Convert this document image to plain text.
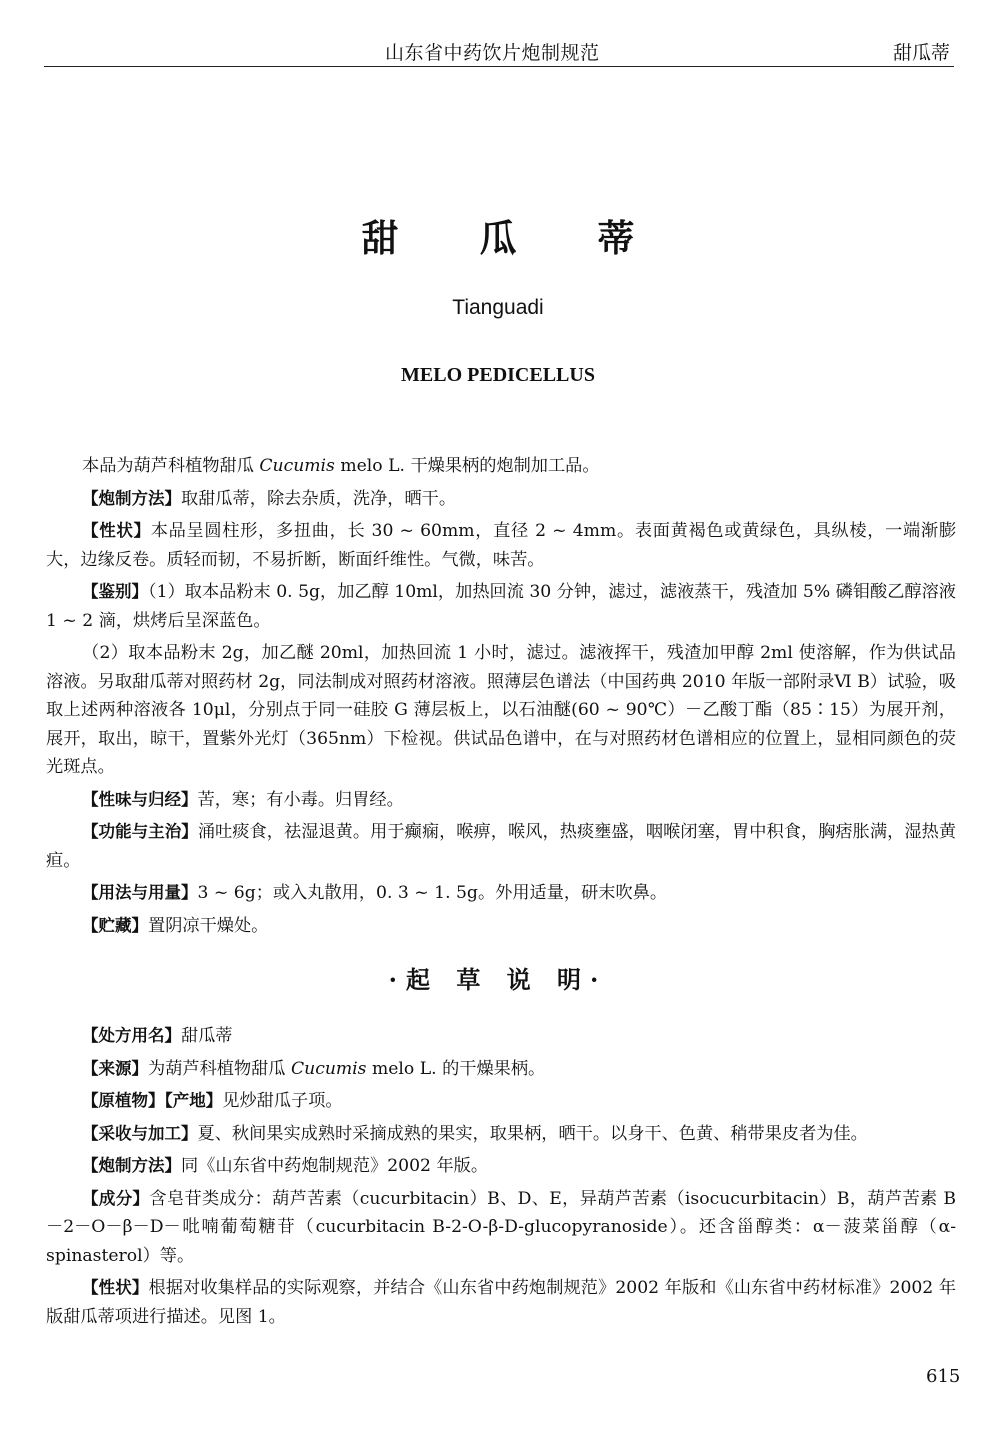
山东省中药饮片炮制规范	甜瓜蒂
甜　瓜　蒂
Tianguadi
MELO PEDICELLUS

本品为葫芦科植物甜瓜 Cucumis melo L. 干燥果柄的炮制加工品。

【炮制方法】取甜瓜蒂，除去杂质，洗净，晒干。

【性状】本品呈圆柱形，多扭曲，长 30 ~ 60mm，直径 2 ~ 4mm。表面黄褐色或黄绿色，具纵棱，一端渐膨大，边缘反卷。质轻而韧，不易折断，断面纤维性。气微，味苦。

【鉴别】（1）取本品粉末 0. 5g，加乙醇 10ml，加热回流 30 分钟，滤过，滤液蒸干，残渣加 5% 磷钼酸乙醇溶液 1 ~ 2 滴，烘烤后呈深蓝色。

（2）取本品粉末 2g，加乙醚 20ml，加热回流 1 小时，滤过。滤液挥干，残渣加甲醇 2ml 使溶解，作为供试品溶液。另取甜瓜蒂对照药材 2g，同法制成对照药材溶液。照薄层色谱法（中国药典 2010 年版一部附录Ⅵ B）试验，吸取上述两种溶液各 10μl，分别点于同一硅胶 G 薄层板上，以石油醚(60 ~ 90℃）－乙酸丁酯（85∶15）为展开剂，展开，取出，晾干，置紫外光灯（365nm）下检视。供试品色谱中，在与对照药材色谱相应的位置上，显相同颜色的荧光斑点。

【性味与归经】苦，寒；有小毒。归胃经。

【功能与主治】涌吐痰食，祛湿退黄。用于癫痫，喉痹，喉风，热痰壅盛，咽喉闭塞，胃中积食，胸痞胀满，湿热黄疸。

【用法与用量】3 ~ 6g；或入丸散用，0. 3 ~ 1. 5g。外用适量，研末吹鼻。

【贮藏】置阴凉干燥处。

·起 草 说 明·

【处方用名】甜瓜蒂

【来源】为葫芦科植物甜瓜 Cucumis melo L. 的干燥果柄。

【原植物】【产地】见炒甜瓜子项。

【采收与加工】夏、秋间果实成熟时采摘成熟的果实，取果柄，晒干。以身干、色黄、稍带果皮者为佳。

【炮制方法】同《山东省中药炮制规范》2002 年版。

【成分】含皂苷类成分：葫芦苦素（cucurbitacin）B、D、E，异葫芦苦素（isocucurbitacin）B，葫芦苦素 B－2－O－β－D－吡喃葡萄糖苷（cucurbitacin B-2-O-β-D-glucopyranoside）。还含甾醇类：α－菠菜甾醇（α-spinasterol）等。

【性状】根据对收集样品的实际观察，并结合《山东省中药炮制规范》2002 年版和《山东省中药材标准》2002 年版甜瓜蒂项进行描述。见图 1。

615
